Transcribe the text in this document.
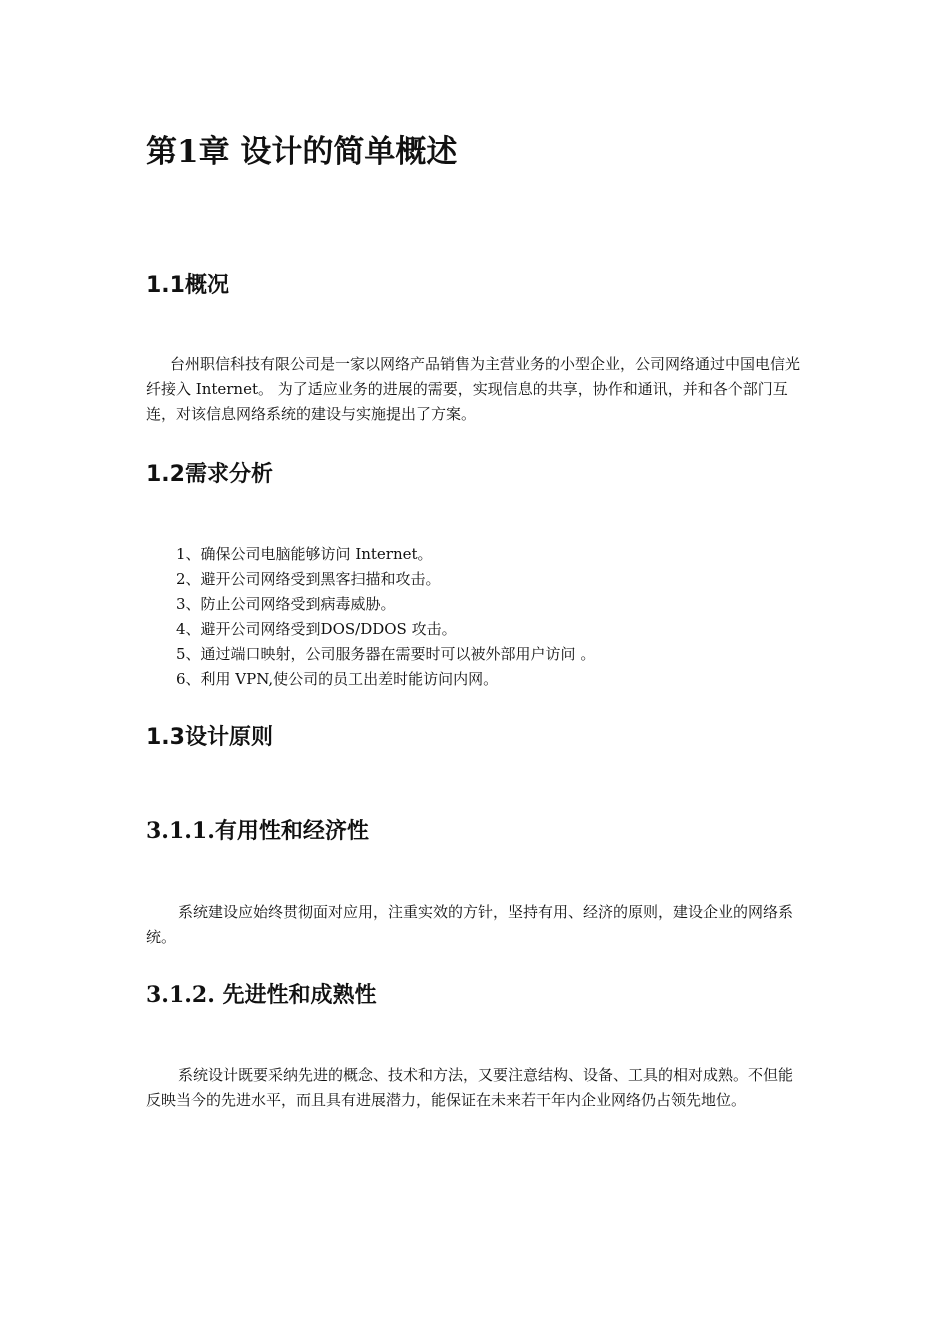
第1章 设计的简单概述
1.1概况

台州职信科技有限公司是一家以网络产品销售为主营业务的小型企业，公司网络通过中国电信光纤接入 Internet。 为了适应业务的进展的需要，实现信息的共享，协作和通讯，并和各个部门互连，对该信息网络系统的建设与实施提出了方案。

1.2需求分析
1、确保公司电脑能够访问 Internet。
2、避开公司网络受到黑客扫描和攻击。
3、防止公司网络受到病毒威胁。
4、避开公司网络受到DOS/DDOS 攻击。
5、通过端口映射，公司服务器在需要时可以被外部用户访问 。
6、利用 VPN,使公司的员工出差时能访问内网。
1.3设计原则
3.1.1.有用性和经济性

系统建设应始终贯彻面对应用，注重实效的方针，坚持有用、经济的原则，建设企业的网络系统。

3.1.2. 先进性和成熟性

系统设计既要采纳先进的概念、技术和方法，又要注意结构、设备、工具的相对成熟。不但能反映当今的先进水平，而且具有进展潜力，能保证在未来若干年内企业网络仍占领先地位。
